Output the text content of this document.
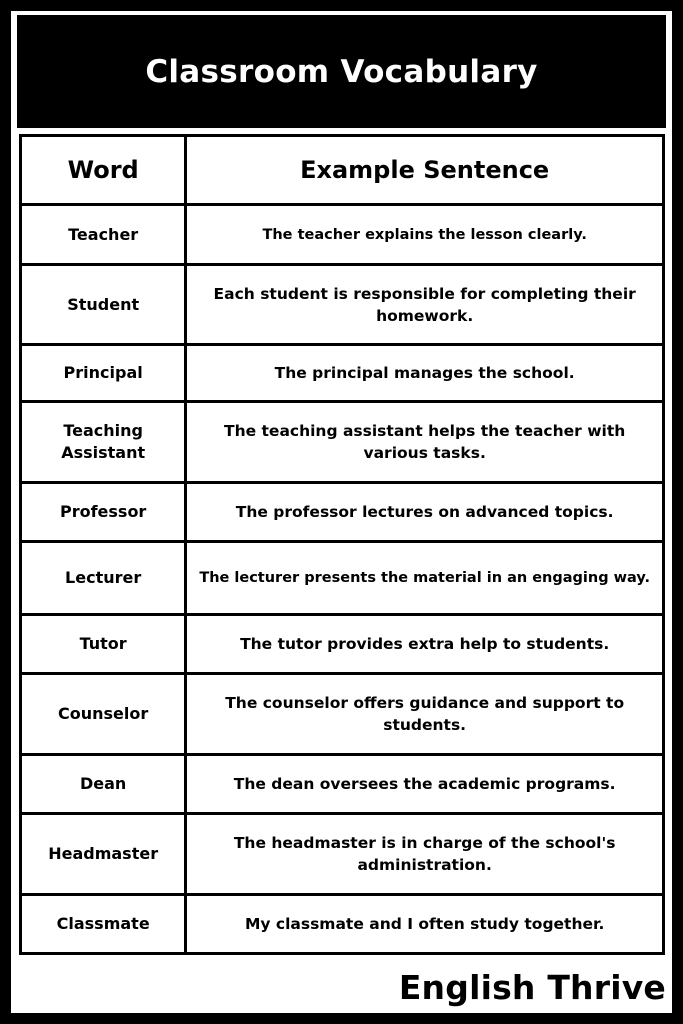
Classroom Vocabulary
Word	Example Sentence
Teacher	The teacher explains the lesson clearly.
Student	Each student is responsible for completing their homework.
Principal	The principal manages the school.
Teaching Assistant	The teaching assistant helps the teacher with various tasks.
Professor	The professor lectures on advanced topics.
Lecturer	The lecturer presents the material in an engaging way.
Tutor	The tutor provides extra help to students.
Counselor	The counselor offers guidance and support to students.
Dean	The dean oversees the academic programs.
Headmaster	The headmaster is in charge of the school's administration.
Classmate	My classmate and I often study together.
English Thrive
